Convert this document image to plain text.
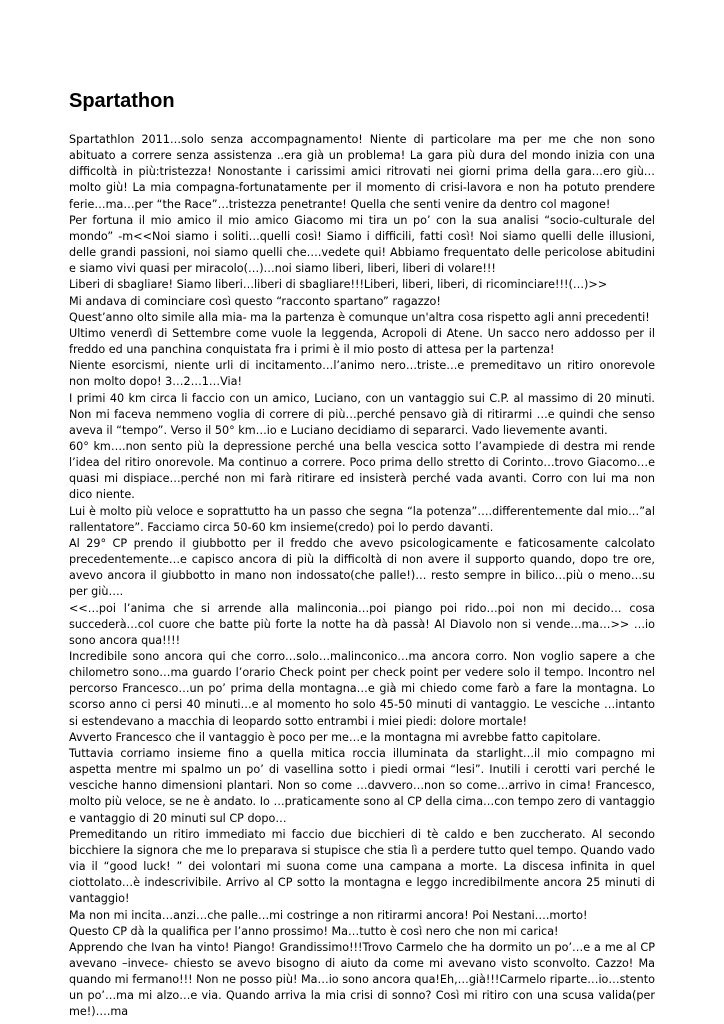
Spartathon

Spartathlon 2011…solo senza accompagnamento! Niente di particolare ma per me che non sono abituato a correre senza assistenza ..era già un problema! La gara più dura del mondo inizia con una difficoltà in più:tristezza! Nonostante i carissimi amici ritrovati nei giorni prima della gara…ero giù…molto giù! La mia compagna-fortunatamente per il momento di crisi-lavora e non ha potuto prendere ferie…ma…per “the Race”…tristezza penetrante! Quella che senti venire da dentro col magone!

Per fortuna il mio amico il mio amico Giacomo mi tira un po’ con la sua analisi “socio-culturale del mondo” -m<<Noi siamo i soliti…quelli così! Siamo i difficili, fatti così! Noi siamo quelli delle illusioni, delle grandi passioni, noi siamo quelli che….vedete qui! Abbiamo frequentato delle pericolose abitudini e siamo vivi quasi per miracolo(…)…noi siamo liberi, liberi, liberi di volare!!!

Liberi di sbagliare! Siamo liberi…liberi di sbagliare!!!Liberi, liberi, liberi, di ricominciare!!!(…)>>

Mi andava di cominciare così questo “racconto spartano” ragazzo!

Quest’anno olto simile alla mia- ma la partenza è comunque un'altra cosa rispetto agli anni precedenti!

Ultimo venerdì di Settembre come vuole la leggenda, Acropoli di Atene. Un sacco nero addosso per il freddo ed una panchina conquistata fra i primi è il mio posto di attesa per la partenza!

Niente esorcismi, niente urli di incitamento…l’animo nero…triste…e premeditavo un ritiro onorevole non molto dopo! 3…2…1…Via!

I primi 40 km circa li faccio con un amico, Luciano, con un vantaggio sui C.P. al massimo di 20 minuti. Non mi faceva nemmeno voglia di correre di più…perché pensavo già di ritirarmi …e quindi che senso aveva il “tempo”. Verso il 50° km…io e Luciano decidiamo di separarci. Vado lievemente avanti.

60° km….non sento più la depressione perché una bella vescica sotto l’avampiede di destra mi rende l’idea del ritiro onorevole. Ma continuo a correre. Poco prima dello stretto di Corinto…trovo Giacomo…e quasi mi dispiace…perché non mi farà ritirare ed insisterà perché vada avanti. Corro con lui ma non dico niente.

Lui è molto più veloce e soprattutto ha un passo che segna “la potenza”….differentemente dal mio…”al rallentatore”. Facciamo circa 50-60 km insieme(credo) poi lo perdo davanti.

Al 29° CP prendo il giubbotto per il freddo che avevo psicologicamente e faticosamente calcolato precedentemente…e capisco ancora di più la difficoltà di non avere il supporto quando, dopo tre ore, avevo ancora il giubbotto in mano non indossato(che palle!)… resto sempre in bilico…più o meno…su per giù….

<<…poi l’anima che si arrende alla malinconia…poi piango poi rido…poi non mi decido… cosa succederà…col cuore che batte più forte la notte ha dà passà! Al Diavolo non si vende…ma…>> …io sono ancora qua!!!!

Incredibile sono ancora qui che corro…solo…malinconico…ma ancora corro. Non voglio sapere a che chilometro sono…ma guardo l’orario Check point per check point per vedere solo il tempo. Incontro nel percorso Francesco…un po’ prima della montagna…e già mi chiedo come farò a fare la montagna. Lo scorso anno ci persi 40 minuti…e al momento ho solo 45-50 minuti di vantaggio. Le vesciche …intanto si estendevano a macchia di leopardo sotto entrambi i miei piedi: dolore mortale!

Avverto Francesco che il vantaggio è poco per me…e la montagna mi avrebbe fatto capitolare.

Tuttavia corriamo insieme fino a quella mitica roccia illuminata da starlight…il mio compagno mi aspetta mentre mi spalmo un po’ di vasellina sotto i piedi ormai “lesi”. Inutili i cerotti vari perché le vesciche hanno dimensioni plantari. Non so come …davvero…non so come…arrivo in cima! Francesco, molto più veloce, se ne è andato. Io …praticamente sono al CP della cima…con tempo zero di vantaggio e vantaggio di 20 minuti sul CP dopo…

Premeditando un ritiro immediato mi faccio due bicchieri di tè caldo e ben zuccherato. Al secondo bicchiere la signora che me lo preparava si stupisce che stia lì a perdere tutto quel tempo. Quando vado via il “good luck! ” dei volontari mi suona come una campana a morte. La discesa infinita in quel ciottolato…è indescrivibile. Arrivo al CP sotto la montagna e leggo incredibilmente ancora 25 minuti di vantaggio!

Ma non mi incita…anzi…che palle…mi costringe a non ritirarmi ancora! Poi Nestani….morto!

Questo CP dà la qualifica per l’anno prossimo! Ma…tutto è così nero che non mi carica!

Apprendo che Ivan ha vinto! Piango! Grandissimo!!!Trovo Carmelo che ha dormito un po’…e a me al CP avevano –invece- chiesto se avevo bisogno di aiuto da come mi avevano visto sconvolto. Cazzo! Ma quando mi fermano!!! Non ne posso più! Ma…io sono ancora qua!Eh,…già!!!Carmelo riparte…io…stento un po’…ma mi alzo…e via. Quando arriva la mia crisi di sonno? Così mi ritiro con una scusa valida(per me!)….ma
